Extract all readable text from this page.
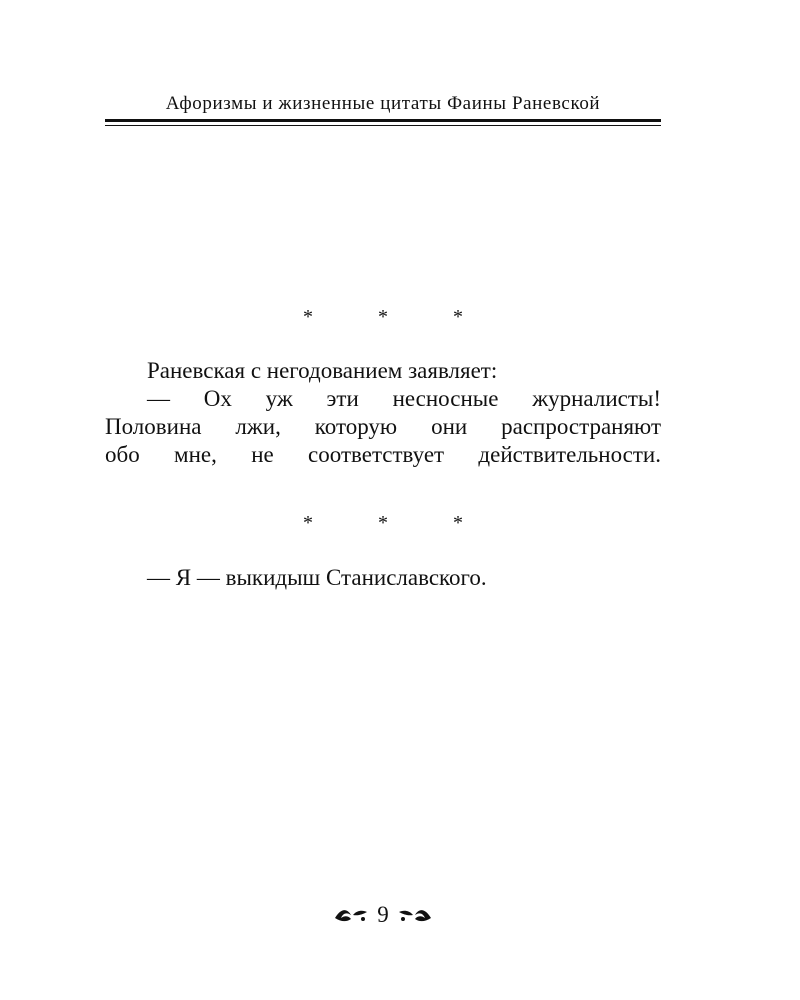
Афоризмы и жизненные цитаты Фаины Раневской
* * *
Раневская с негодованием заявляет:
— Ох уж эти несносные журналисты!
Половина лжи, которую они распространяют
обо мне, не соответствует действительности.
* * *
— Я — выкидыш Станиславского.
9
